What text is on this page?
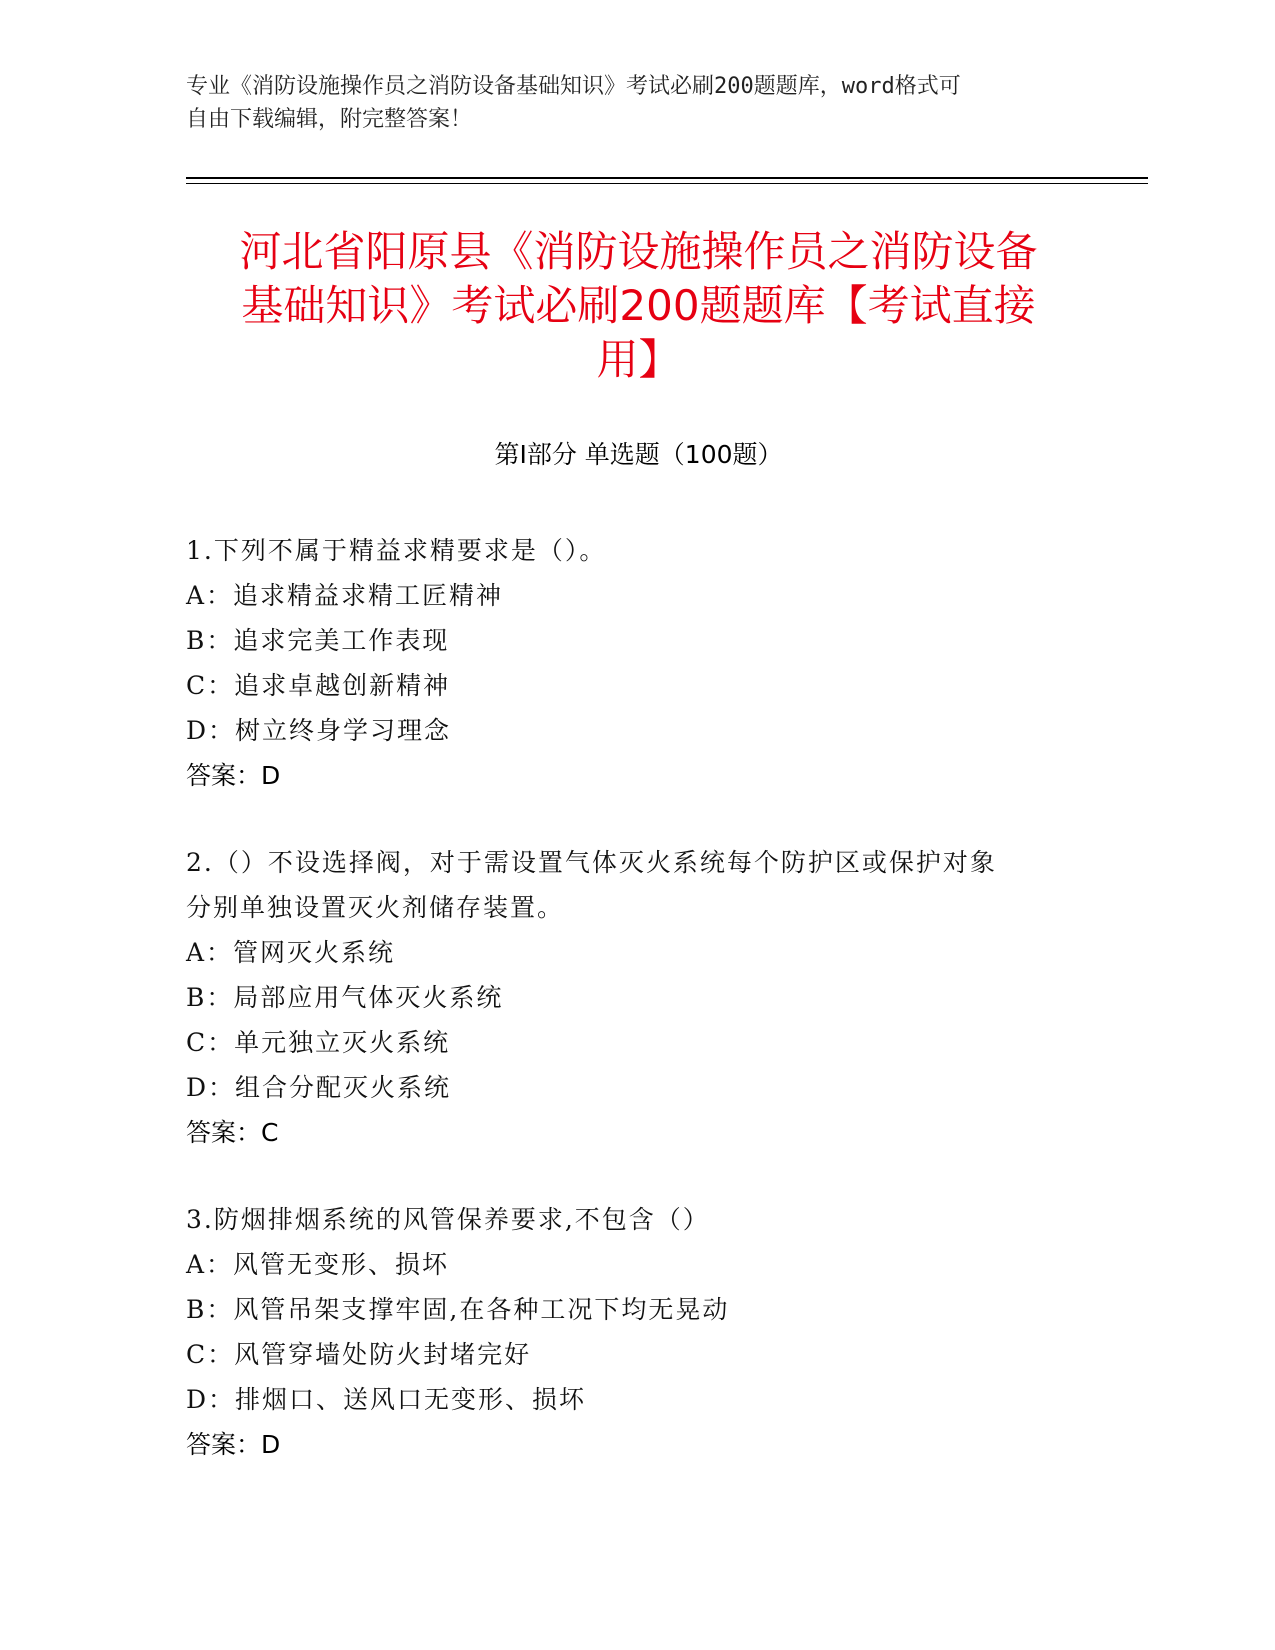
专业《消防设施操作员之消防设备基础知识》考试必刷200题题库，word格式可

自由下载编辑，附完整答案！

河北省阳原县《消防设施操作员之消防设备
基础知识》考试必刷200题题库【考试直接
用】
第Ⅰ部分 单选题（100题）

1.下列不属于精益求精要求是（）。

A：追求精益求精工匠精神

B：追求完美工作表现

C：追求卓越创新精神

D：树立终身学习理念

答案：D

2.（）不设选择阀，对于需设置气体灭火系统每个防护区或保护对象

分别单独设置灭火剂储存装置。

A：管网灭火系统

B：局部应用气体灭火系统

C：单元独立灭火系统

D：组合分配灭火系统

答案：C

3.防烟排烟系统的风管保养要求,不包含（）

A：风管无变形、损坏

B：风管吊架支撑牢固,在各种工况下均无晃动

C：风管穿墙处防火封堵完好

D：排烟口、送风口无变形、损坏

答案：D
